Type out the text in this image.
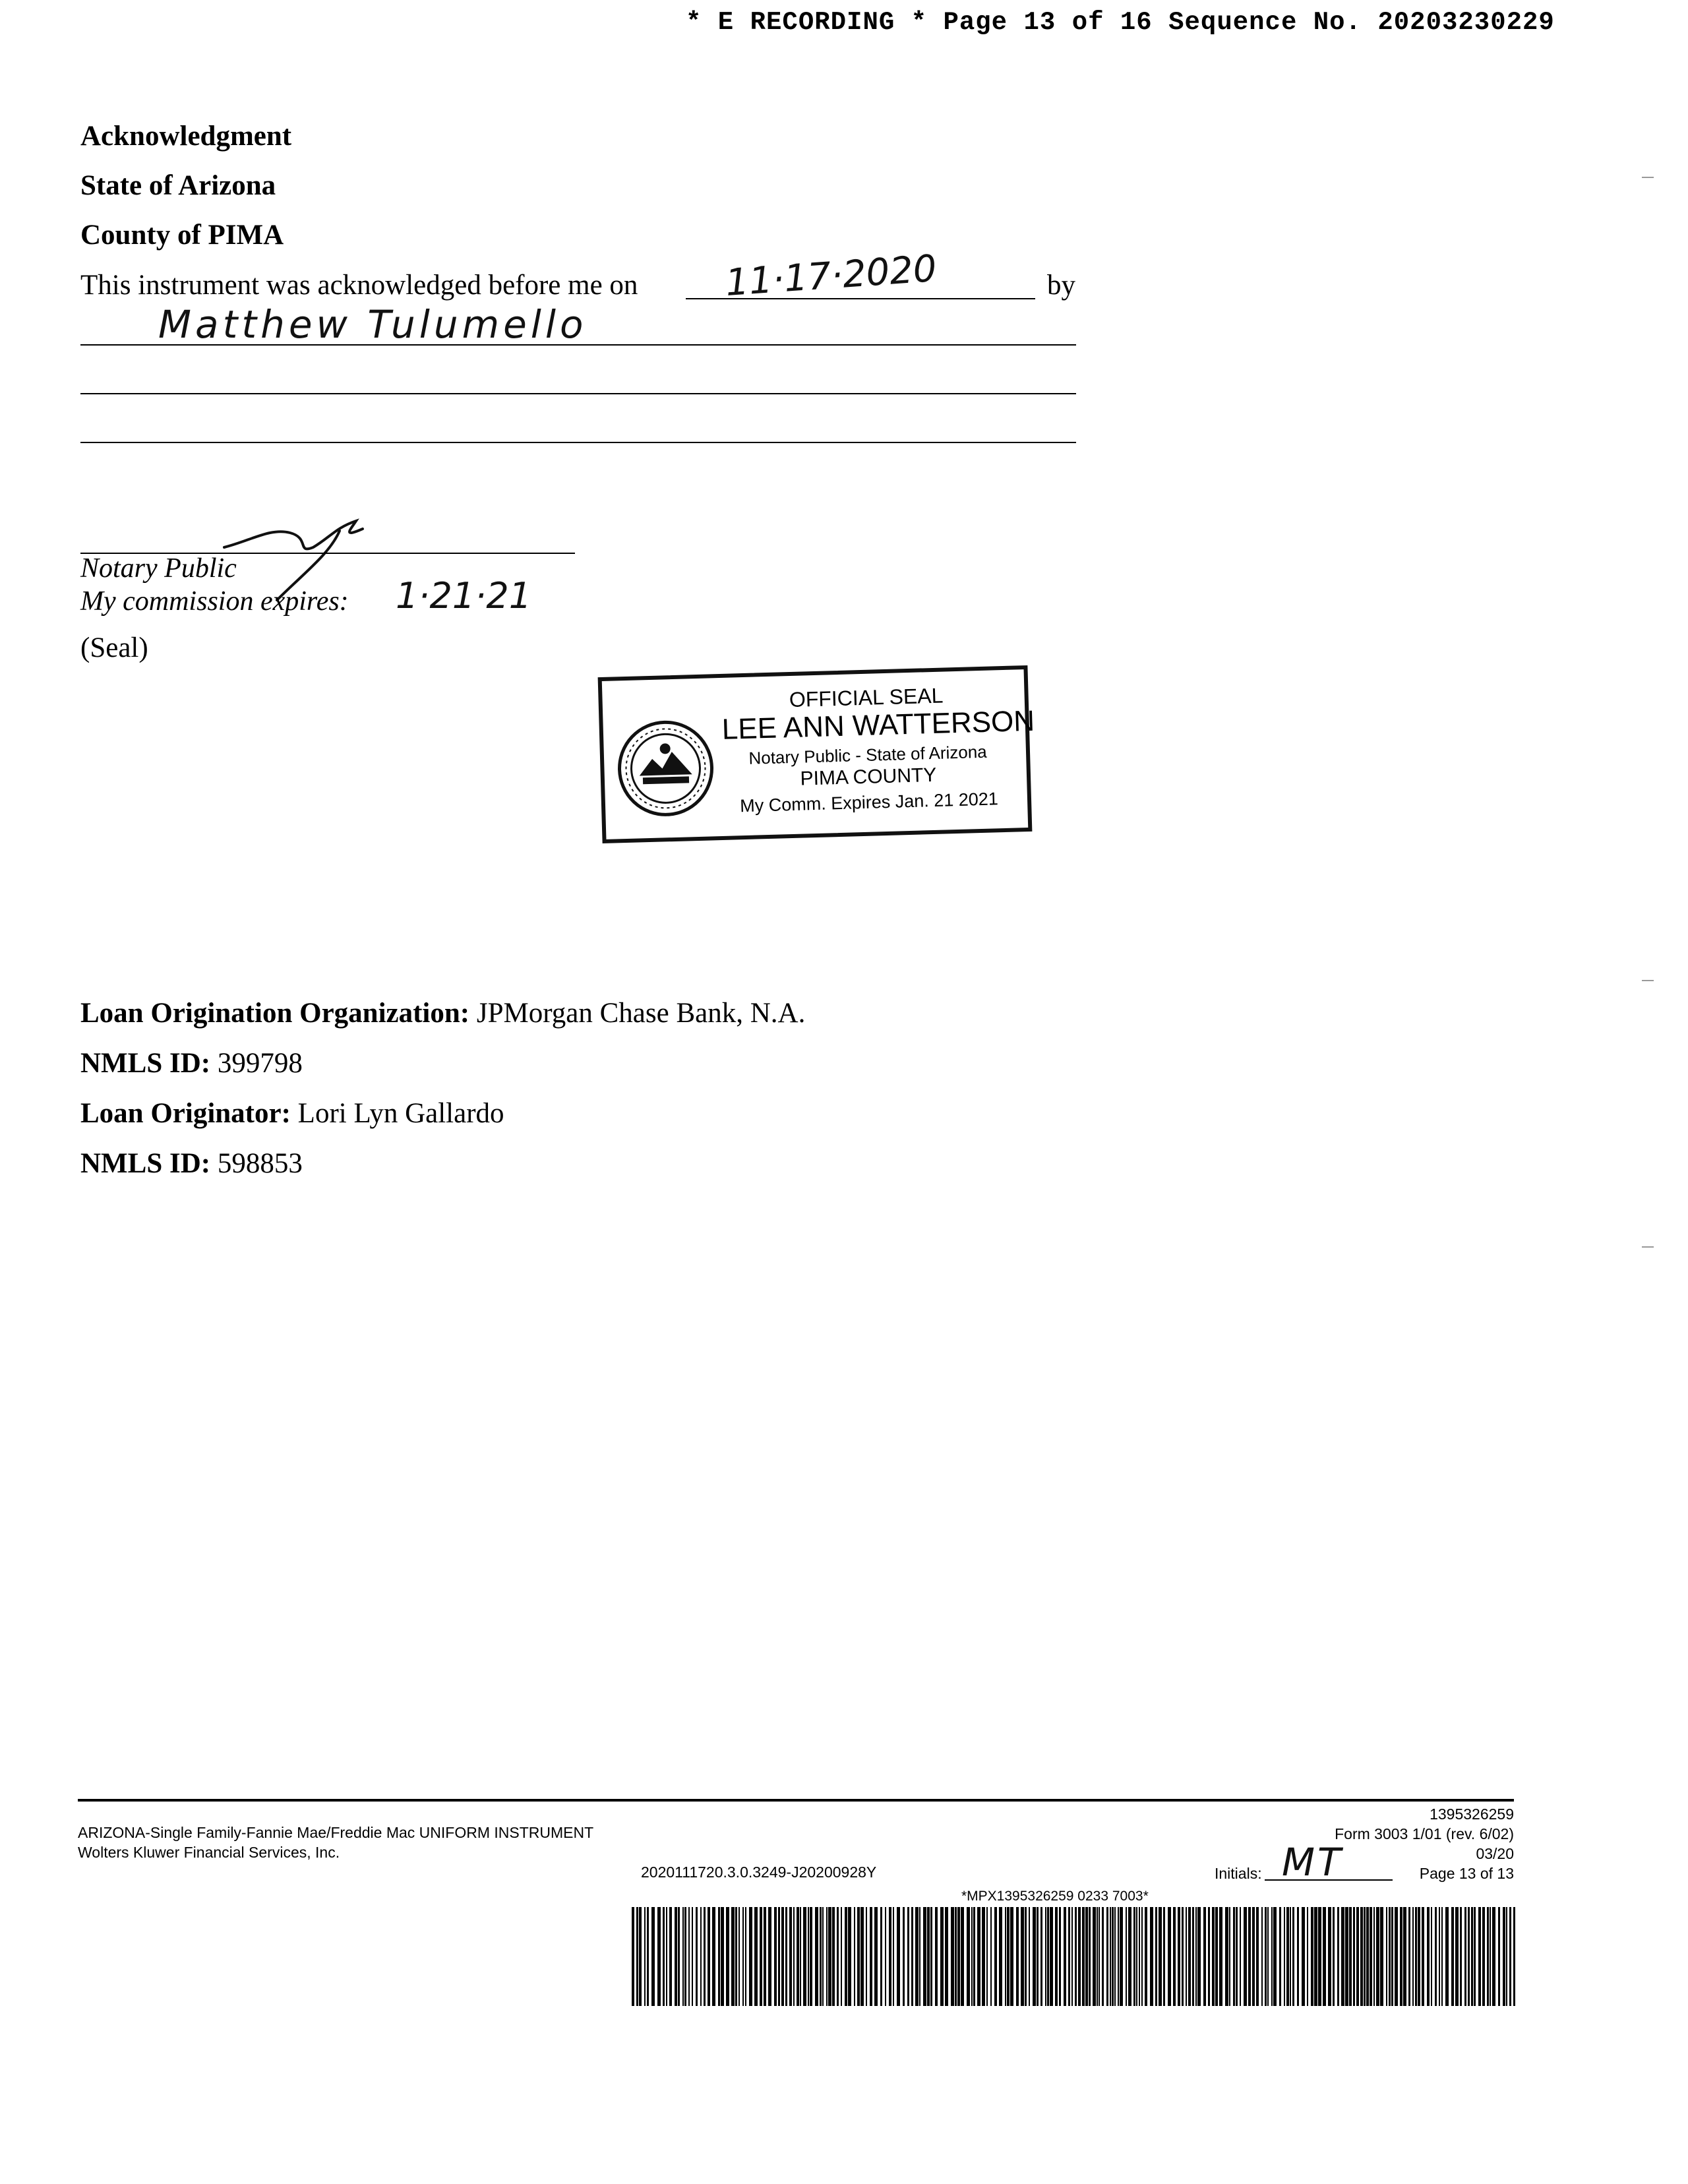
* E RECORDING * Page 13 of 16 Sequence No. 20203230229
Acknowledgment
State of Arizona
County of PIMA
This instrument was acknowledged before me on 11·17·2020	by
Matthew Tulumello
Notary Public
My commission expires: 1·21·21
(Seal)
OFFICIAL SEAL
LEE ANN WATTERSON
Notary Public - State of Arizona
PIMA COUNTY
My Comm. Expires Jan. 21 2021
Loan Origination Organization: JPMorgan Chase Bank, N.A.
NMLS ID: 399798
Loan Originator: Lori Lyn Gallardo
NMLS ID: 598853
ARIZONA-Single Family-Fannie Mae/Freddie Mac UNIFORM INSTRUMENT
Wolters Kluwer Financial Services, Inc.
2020111720.3.0.3249-J20200928Y
1395326259
Form 3003 1/01 (rev. 6/02)
03/20
Initials: MT	Page 13 of 13
*MPX1395326259 0233 7003*
